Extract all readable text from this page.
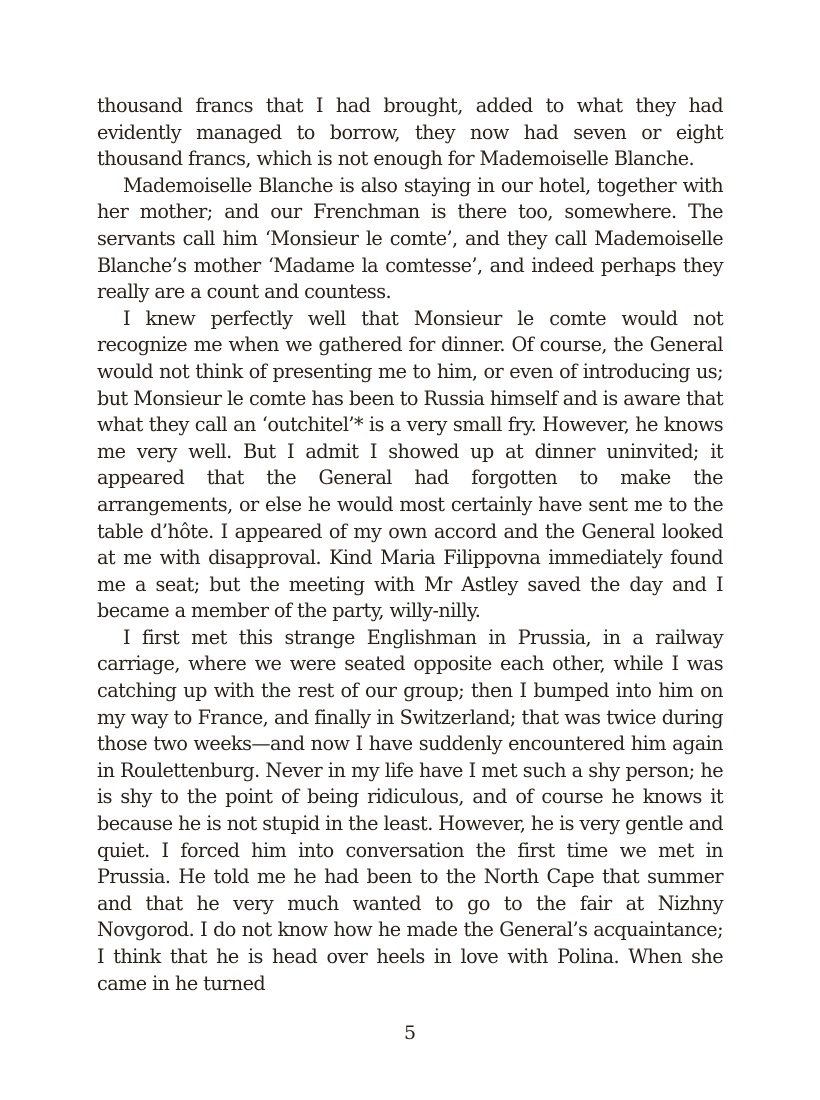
thousand francs that I had brought, added to what they had evidently managed to borrow, they now had seven or eight thousand francs, which is not enough for Mademoiselle Blanche.

Mademoiselle Blanche is also staying in our hotel, together with her mother; and our Frenchman is there too, somewhere. The servants call him ‘Monsieur le comte’, and they call Mademoiselle Blanche’s mother ‘Madame la comtesse’, and indeed perhaps they really are a count and countess.

I knew perfectly well that Monsieur le comte would not recognize me when we gathered for dinner. Of course, the General would not think of presenting me to him, or even of introducing us; but Monsieur le comte has been to Russia himself and is aware that what they call an ‘outchitel’* is a very small fry. However, he knows me very well. But I admit I showed up at dinner uninvited; it appeared that the General had forgotten to make the arrangements, or else he would most certainly have sent me to the table d’hôte. I appeared of my own accord and the General looked at me with disapproval. Kind Maria Filippovna immediately found me a seat; but the meeting with Mr Astley saved the day and I became a member of the party, willy-nilly.

I first met this strange Englishman in Prussia, in a railway carriage, where we were seated opposite each other, while I was catching up with the rest of our group; then I bumped into him on my way to France, and finally in Switzerland; that was twice during those two weeks—and now I have suddenly encountered him again in Roulettenburg. Never in my life have I met such a shy person; he is shy to the point of being ridiculous, and of course he knows it because he is not stupid in the least. However, he is very gentle and quiet. I forced him into conversation the first time we met in Prussia. He told me he had been to the North Cape that summer and that he very much wanted to go to the fair at Nizhny Novgorod. I do not know how he made the General’s acquaintance; I think that he is head over heels in love with Polina. When she came in he turned

5
